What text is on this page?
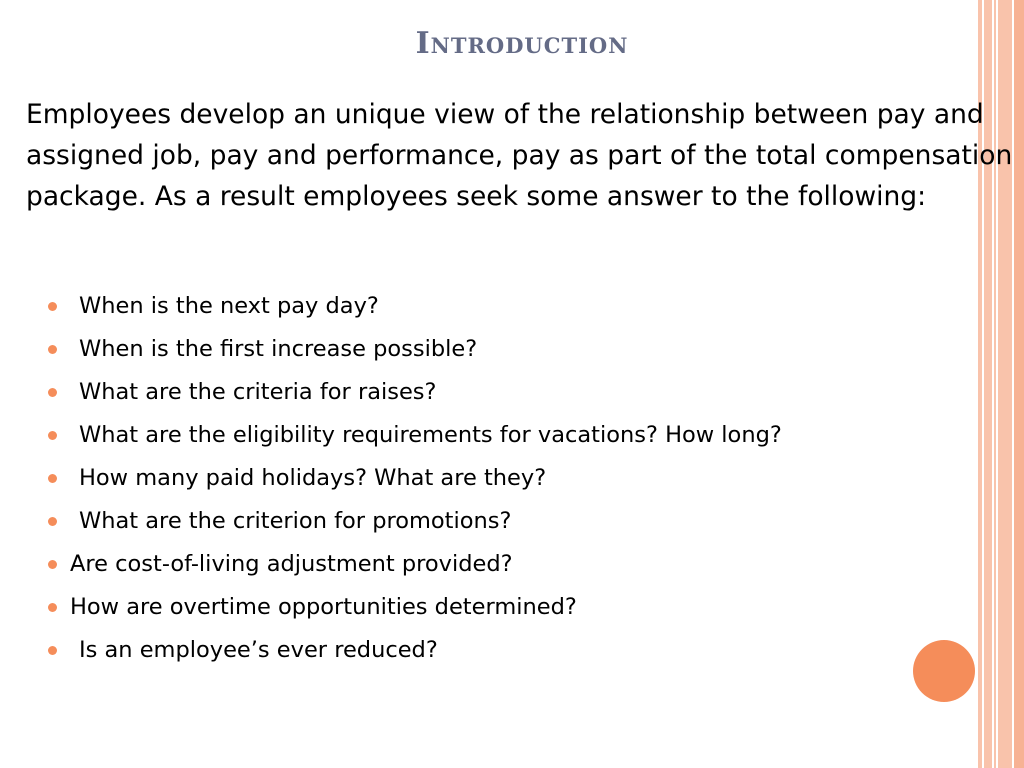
Introduction

Employees develop an unique view of the relationship between pay and assigned job, pay and performance, pay as part of the total compensation package. As a result employees seek some answer to the following:

When is the next pay day?
When is the first increase possible?
What are the criteria for raises?
What are the eligibility requirements for vacations? How long?
How many paid holidays? What are they?
What are the criterion for promotions?
Are cost-of-living adjustment provided?
How are overtime opportunities determined?
Is an employee’s ever reduced?
